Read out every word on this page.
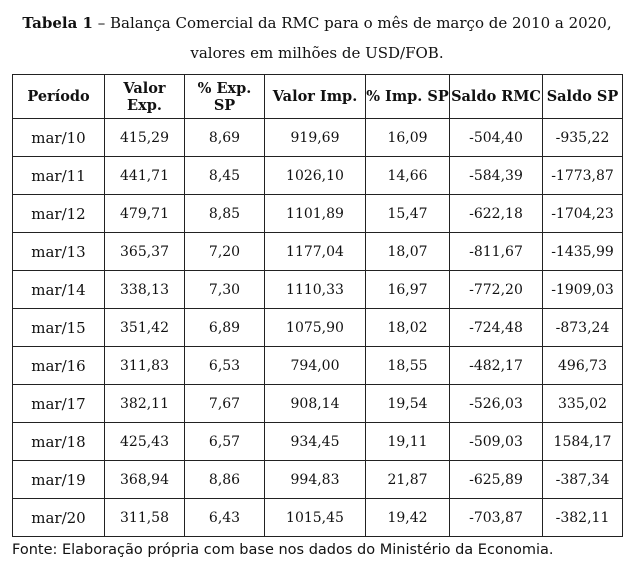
Tabela 1 – Balança Comercial da RMC para o mês de março de 2010 a 2020,
valores em milhões de USD/FOB.
Período	Valor Exp.	% Exp. SP	Valor Imp.	% Imp. SP	Saldo RMC	Saldo SP
mar/10	415,29	8,69	919,69	16,09	-504,40	-935,22
mar/11	441,71	8,45	1026,10	14,66	-584,39	-1773,87
mar/12	479,71	8,85	1101,89	15,47	-622,18	-1704,23
mar/13	365,37	7,20	1177,04	18,07	-811,67	-1435,99
mar/14	338,13	7,30	1110,33	16,97	-772,20	-1909,03
mar/15	351,42	6,89	1075,90	18,02	-724,48	-873,24
mar/16	311,83	6,53	794,00	18,55	-482,17	496,73
mar/17	382,11	7,67	908,14	19,54	-526,03	335,02
mar/18	425,43	6,57	934,45	19,11	-509,03	1584,17
mar/19	368,94	8,86	994,83	21,87	-625,89	-387,34
mar/20	311,58	6,43	1015,45	19,42	-703,87	-382,11
Fonte: Elaboração própria com base nos dados do Ministério da Economia.
